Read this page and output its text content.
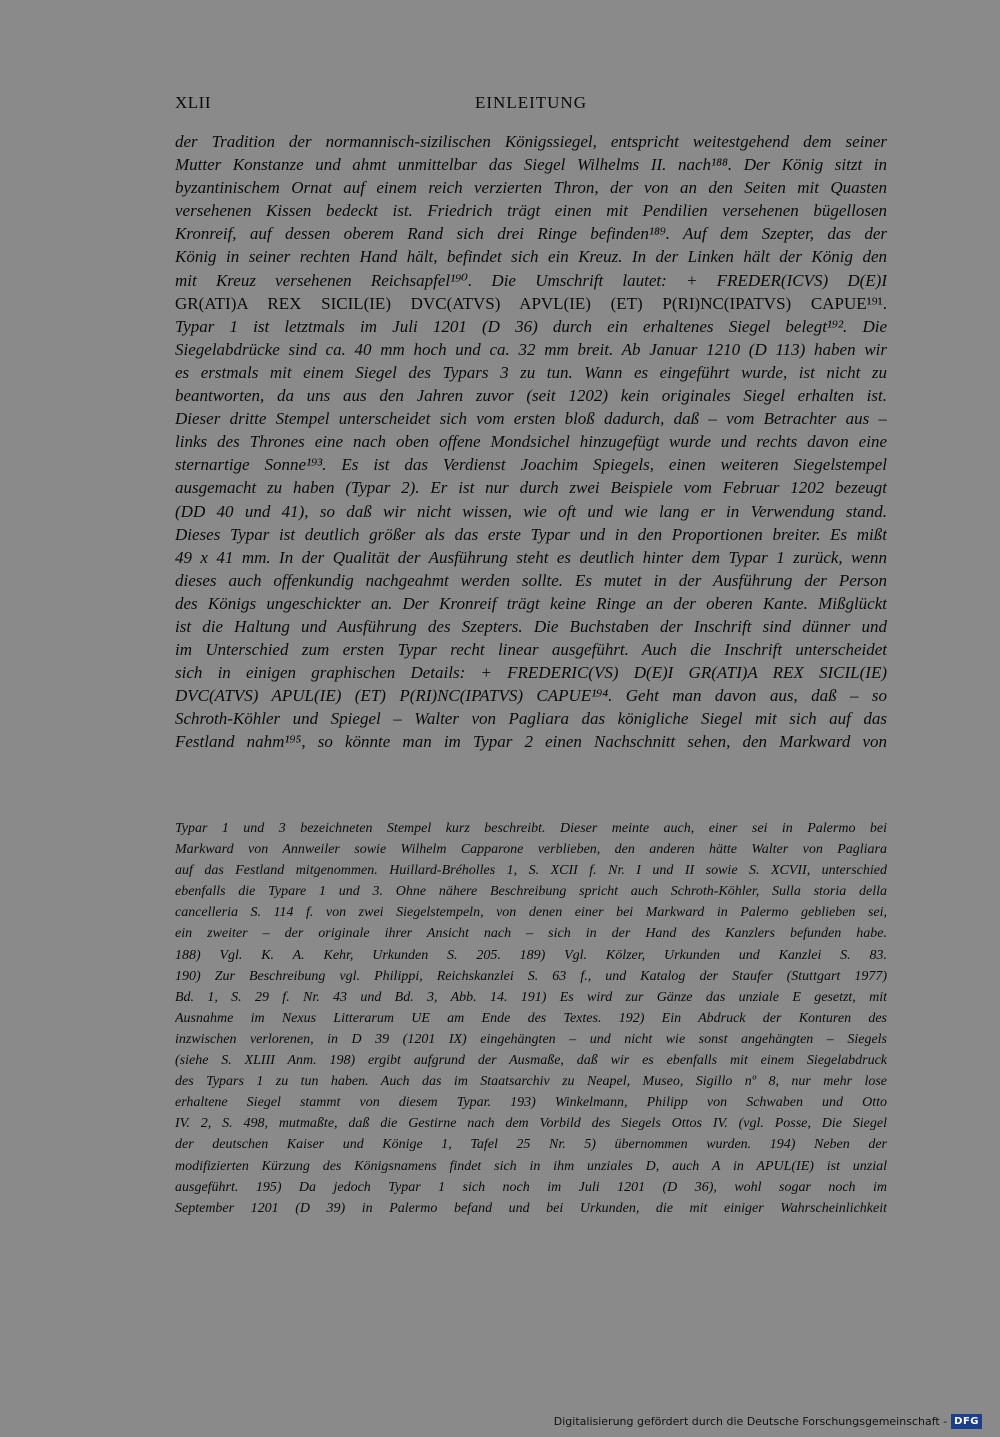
XLII	EINLEITUNG
der Tradition der normannisch-sizilischen Königssiegel, entspricht weitestgehend dem seiner
Mutter Konstanze und ahmt unmittelbar das Siegel Wilhelms II. nach¹⁸⁸. Der König sitzt in
byzantinischem Ornat auf einem reich verzierten Thron, der von an den Seiten mit Quasten
versehenen Kissen bedeckt ist. Friedrich trägt einen mit Pendilien versehenen bügellosen
Kronreif, auf dessen oberem Rand sich drei Ringe befinden¹⁸⁹. Auf dem Szepter, das der
König in seiner rechten Hand hält, befindet sich ein Kreuz. In der Linken hält der König den
mit Kreuz versehenen Reichsapfel¹⁹⁰. Die Umschrift lautet: + FREDER(ICVS) D(E)I
GR(ATI)A REX SICIL(IE) DVC(ATVS) APVL(IE) (ET) P(RI)NC(IPATVS) CAPUE¹⁹¹.
Typar 1 ist letztmals im Juli 1201 (D 36) durch ein erhaltenes Siegel belegt¹⁹². Die
Siegelabdrücke sind ca. 40 mm hoch und ca. 32 mm breit. Ab Januar 1210 (D 113) haben wir
es erstmals mit einem Siegel des Typars 3 zu tun. Wann es eingeführt wurde, ist nicht zu
beantworten, da uns aus den Jahren zuvor (seit 1202) kein originales Siegel erhalten ist.
Dieser dritte Stempel unterscheidet sich vom ersten bloß dadurch, daß – vom Betrachter aus –
links des Thrones eine nach oben offene Mondsichel hinzugefügt wurde und rechts davon eine
sternartige Sonne¹⁹³. Es ist das Verdienst Joachim Spiegels, einen weiteren Siegelstempel
ausgemacht zu haben (Typar 2). Er ist nur durch zwei Beispiele vom Februar 1202 bezeugt
(DD 40 und 41), so daß wir nicht wissen, wie oft und wie lang er in Verwendung stand.
Dieses Typar ist deutlich größer als das erste Typar und in den Proportionen breiter. Es mißt
49 x 41 mm. In der Qualität der Ausführung steht es deutlich hinter dem Typar 1 zurück, wenn
dieses auch offenkundig nachgeahmt werden sollte. Es mutet in der Ausführung der Person
des Königs ungeschickter an. Der Kronreif trägt keine Ringe an der oberen Kante. Mißglückt
ist die Haltung und Ausführung des Szepters. Die Buchstaben der Inschrift sind dünner und
im Unterschied zum ersten Typar recht linear ausgeführt. Auch die Inschrift unterscheidet
sich in einigen graphischen Details: + FREDERIC(VS) D(E)I GR(ATI)A REX SICIL(IE)
DVC(ATVS) APUL(IE) (ET) P(RI)NC(IPATVS) CAPUE¹⁹⁴. Geht man davon aus, daß – so
Schroth-Köhler und Spiegel – Walter von Pagliara das königliche Siegel mit sich auf das
Festland nahm¹⁹⁵, so könnte man im Typar 2 einen Nachschnitt sehen, den Markward von
Typar 1 und 3 bezeichneten Stempel kurz beschreibt. Dieser meinte auch, einer sei in Palermo bei
Markward von Annweiler sowie Wilhelm Capparone verblieben, den anderen hätte Walter von Pagliara
auf das Festland mitgenommen. Huillard-Bréholles 1, S. XCII f. Nr. I und II sowie S. XCVII, unterschied
ebenfalls die Typare 1 und 3. Ohne nähere Beschreibung spricht auch Schroth-Köhler, Sulla storia della
cancelleria S. 114 f. von zwei Siegelstempeln, von denen einer bei Markward in Palermo geblieben sei,
ein zweiter – der originale ihrer Ansicht nach – sich in der Hand des Kanzlers befunden habe.
188) Vgl. K. A. Kehr, Urkunden S. 205. 189) Vgl. Kölzer, Urkunden und Kanzlei S. 83.
190) Zur Beschreibung vgl. Philippi, Reichskanzlei S. 63 f., und Katalog der Staufer (Stuttgart 1977)
Bd. 1, S. 29 f. Nr. 43 und Bd. 3, Abb. 14. 191) Es wird zur Gänze das unziale E gesetzt, mit
Ausnahme im Nexus Litterarum UE am Ende des Textes. 192) Ein Abdruck der Konturen des
inzwischen verlorenen, in D 39 (1201 IX) eingehängten – und nicht wie sonst angehängten – Siegels
(siehe S. XLIII Anm. 198) ergibt aufgrund der Ausmaße, daß wir es ebenfalls mit einem Siegelabdruck
des Typars 1 zu tun haben. Auch das im Staatsarchiv zu Neapel, Museo, Sigillo nº 8, nur mehr lose
erhaltene Siegel stammt von diesem Typar. 193) Winkelmann, Philipp von Schwaben und Otto
IV. 2, S. 498, mutmaßte, daß die Gestirne nach dem Vorbild des Siegels Ottos IV. (vgl. Posse, Die Siegel
der deutschen Kaiser und Könige 1, Tafel 25 Nr. 5) übernommen wurden. 194) Neben der
modifizierten Kürzung des Königsnamens findet sich in ihm unziales D, auch A in APUL(IE) ist unzial
ausgeführt. 195) Da jedoch Typar 1 sich noch im Juli 1201 (D 36), wohl sogar noch im
September 1201 (D 39) in Palermo befand und bei Urkunden, die mit einiger Wahrscheinlichkeit
Digitalisierung gefördert durch die Deutsche Forschungsgemeinschaft - DFG
